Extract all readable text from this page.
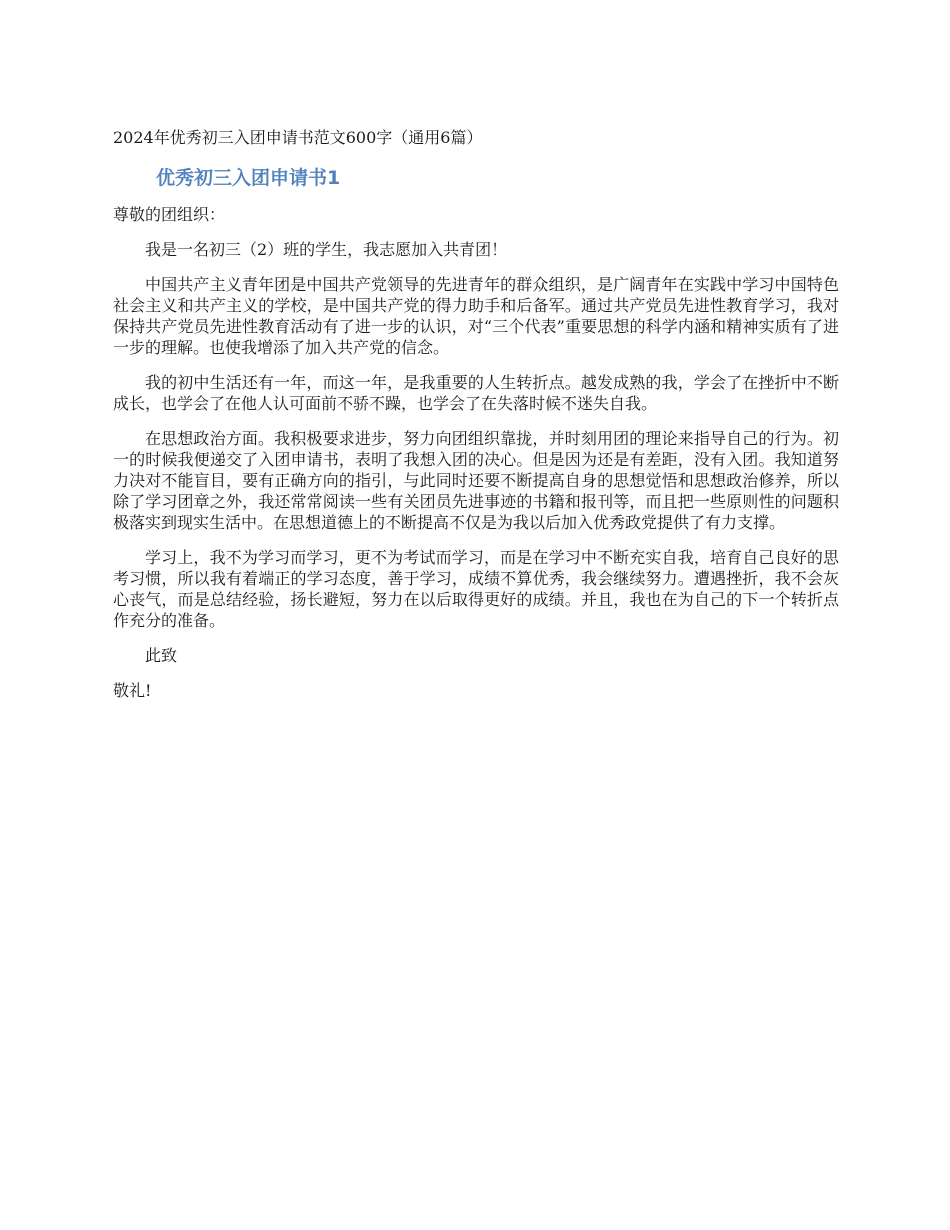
2024年优秀初三入团申请书范文600字（通用6篇）
优秀初三入团申请书1

尊敬的团组织：

我是一名初三（2）班的学生，我志愿加入共青团！

中国共产主义青年团是中国共产党领导的先进青年的群众组织，是广阔青年在实践中学习中国特色社会主义和共产主义的学校，是中国共产党的得力助手和后备军。通过共产党员先进性教育学习，我对保持共产党员先进性教育活动有了进一步的认识，对“三个代表”重要思想的科学内涵和精神实质有了进一步的理解。也使我增添了加入共产党的信念。

我的初中生活还有一年，而这一年，是我重要的人生转折点。越发成熟的我，学会了在挫折中不断成长，也学会了在他人认可面前不骄不躁，也学会了在失落时候不迷失自我。

在思想政治方面。我积极要求进步，努力向团组织靠拢，并时刻用团的理论来指导自己的行为。初一的时候我便递交了入团申请书，表明了我想入团的决心。但是因为还是有差距，没有入团。我知道努力决对不能盲目，要有正确方向的指引，与此同时还要不断提高自身的思想觉悟和思想政治修养，所以除了学习团章之外，我还常常阅读一些有关团员先进事迹的书籍和报刊等，而且把一些原则性的问题积极落实到现实生活中。在思想道德上的不断提高不仅是为我以后加入优秀政党提供了有力支撑。

学习上，我不为学习而学习，更不为考试而学习，而是在学习中不断充实自我，培育自己良好的思考习惯，所以我有着端正的学习态度，善于学习，成绩不算优秀，我会继续努力。遭遇挫折，我不会灰心丧气，而是总结经验，扬长避短，努力在以后取得更好的成绩。并且，我也在为自己的下一个转折点作充分的准备。

此致

敬礼!
